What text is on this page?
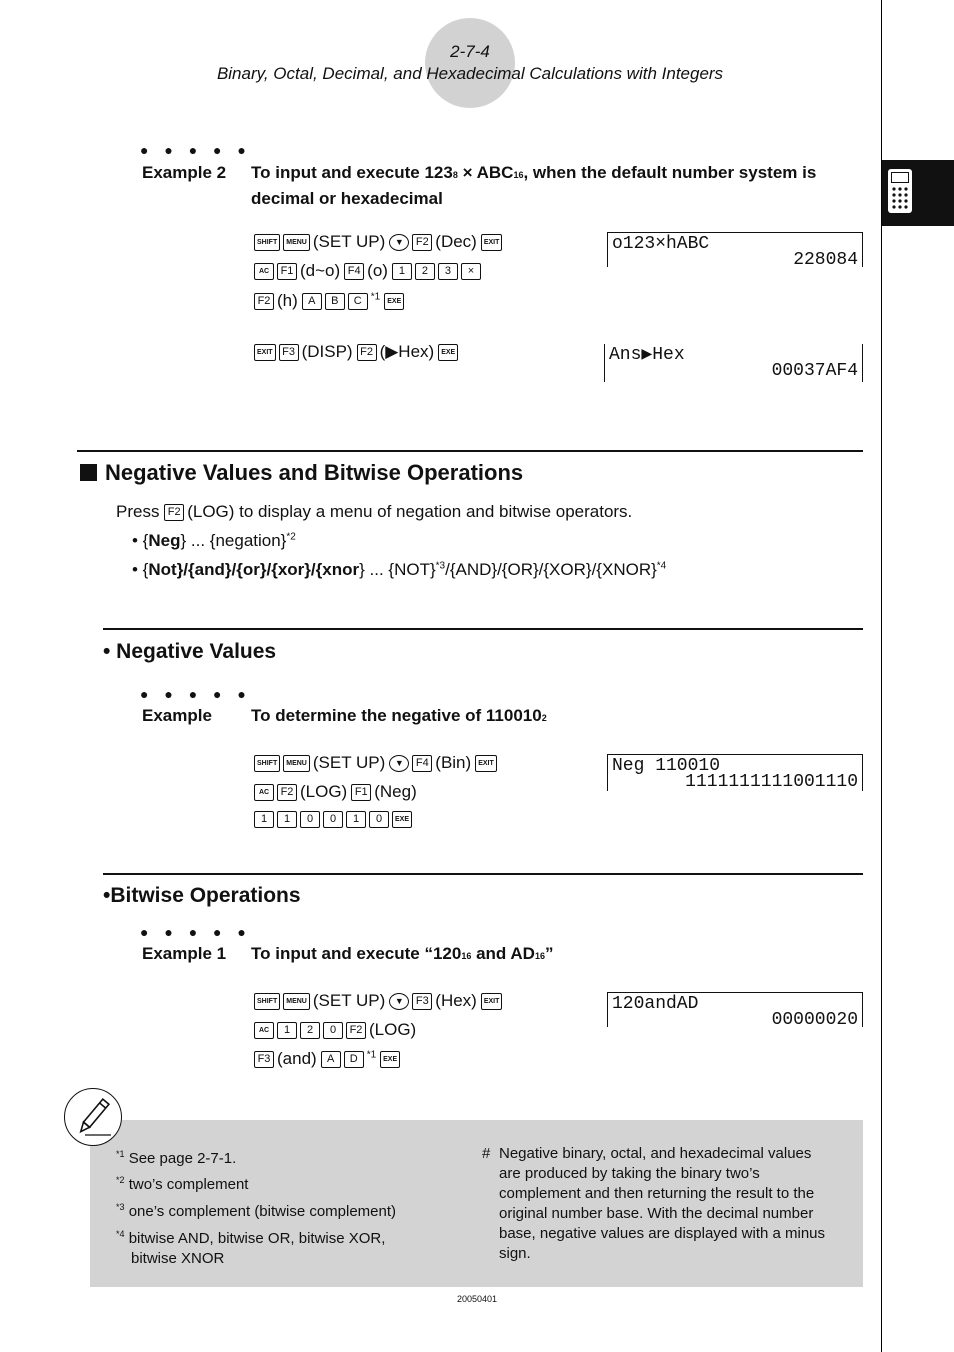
2-7-4
Binary, Octal, Decimal, and Hexadecimal Calculations with Integers
● ● ● ● ●
Example 2 To input and execute 1238 × ABC16, when the default number system is
decimal or hexadecimal
SHIFT	MENU (SET UP)	▼	F2 (Dec)	EXIT
AC	F1 (d~o) F4 (o) 1	2	3	×
F2 (h) A	B	C $^{*1}$	EXE
EXIT F3 (DISP) F2 (▶Hex)	EXE
o123×hABC
228084
Ans▶Hex
00037AF4
Negative Values and Bitwise Operations
Press
F2 (LOG) to display a menu of negation and bitwise operators.
• {Neg} ... {negation}$^{*2}$
• {Not}/{and}/{or}/{xor}/{xnor} ... {NOT}$^{*3}$/{AND}/{OR}/{XOR}/{XNOR}$^{*4}$
• Negative Values
● ● ● ● ●
Example To determine the negative of 1100102
SHIFT	MENU (SET UP)	▼	F4 (Bin)	EXIT
AC	F2 (LOG) F1 (Neg)
1	1	0	0	1	0	EXE
Neg 110010
1111111111001110
•Bitwise Operations
● ● ● ● ●
Example 1 To input and execute “12016 and AD16”
SHIFT	MENU (SET UP)	▼	F3 (Hex)	EXIT
AC	1	2	0	F2 (LOG)
F3 (and) A	D $^{*1}$	EXE
120andAD
00000020
$^{*1}$ See page 2-7-1.
$^{*2}$ two’s complement
$^{*3}$ one’s complement (bitwise complement)
$^{*4}$ bitwise AND, bitwise OR, bitwise XOR,
bitwise XNOR
# Negative binary, octal, and hexadecimal values
are produced by taking the binary two’s
complement and then returning the result to the
original number base. With the decimal number
base, negative values are displayed with a minus
sign.
20050401
